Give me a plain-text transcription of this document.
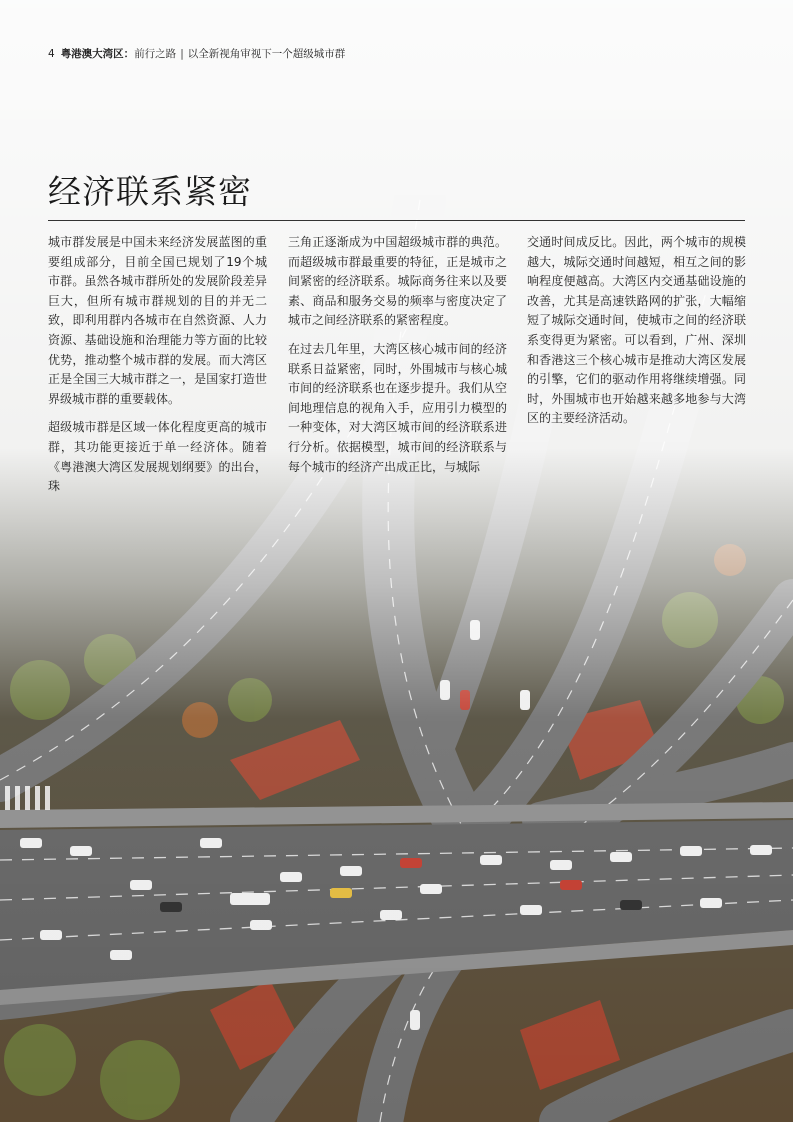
4 粤港澳大湾区：前行之路 | 以全新视角审视下一个超级城市群
经济联系紧密

城市群发展是中国未来经济发展蓝图的重要组成部分，目前全国已规划了19个城市群。虽然各城市群所处的发展阶段差异巨大，但所有城市群规划的目的并无二致，即利用群内各城市在自然资源、人力资源、基础设施和治理能力等方面的比较优势，推动整个城市群的发展。而大湾区正是全国三大城市群之一，是国家打造世界级城市群的重要载体。

超级城市群是区域一体化程度更高的城市群，其功能更接近于单一经济体。随着《粤港澳大湾区发展规划纲要》的出台，珠

三角正逐渐成为中国超级城市群的典范。而超级城市群最重要的特征，正是城市之间紧密的经济联系。城际商务往来以及要素、商品和服务交易的频率与密度决定了城市之间经济联系的紧密程度。

在过去几年里，大湾区核心城市间的经济联系日益紧密，同时，外围城市与核心城市间的经济联系也在逐步提升。我们从空间地理信息的视角入手，应用引力模型的一种变体，对大湾区城市间的经济联系进行分析。依据模型，城市间的经济联系与每个城市的经济产出成正比，与城际

交通时间成反比。因此，两个城市的规模越大，城际交通时间越短，相互之间的影响程度便越高。大湾区内交通基础设施的改善，尤其是高速铁路网的扩张，大幅缩短了城际交通时间，使城市之间的经济联系变得更为紧密。可以看到，广州、深圳和香港这三个核心城市是推动大湾区发展的引擎，它们的驱动作用将继续增强。同时，外围城市也开始越来越多地参与大湾区的主要经济活动。
